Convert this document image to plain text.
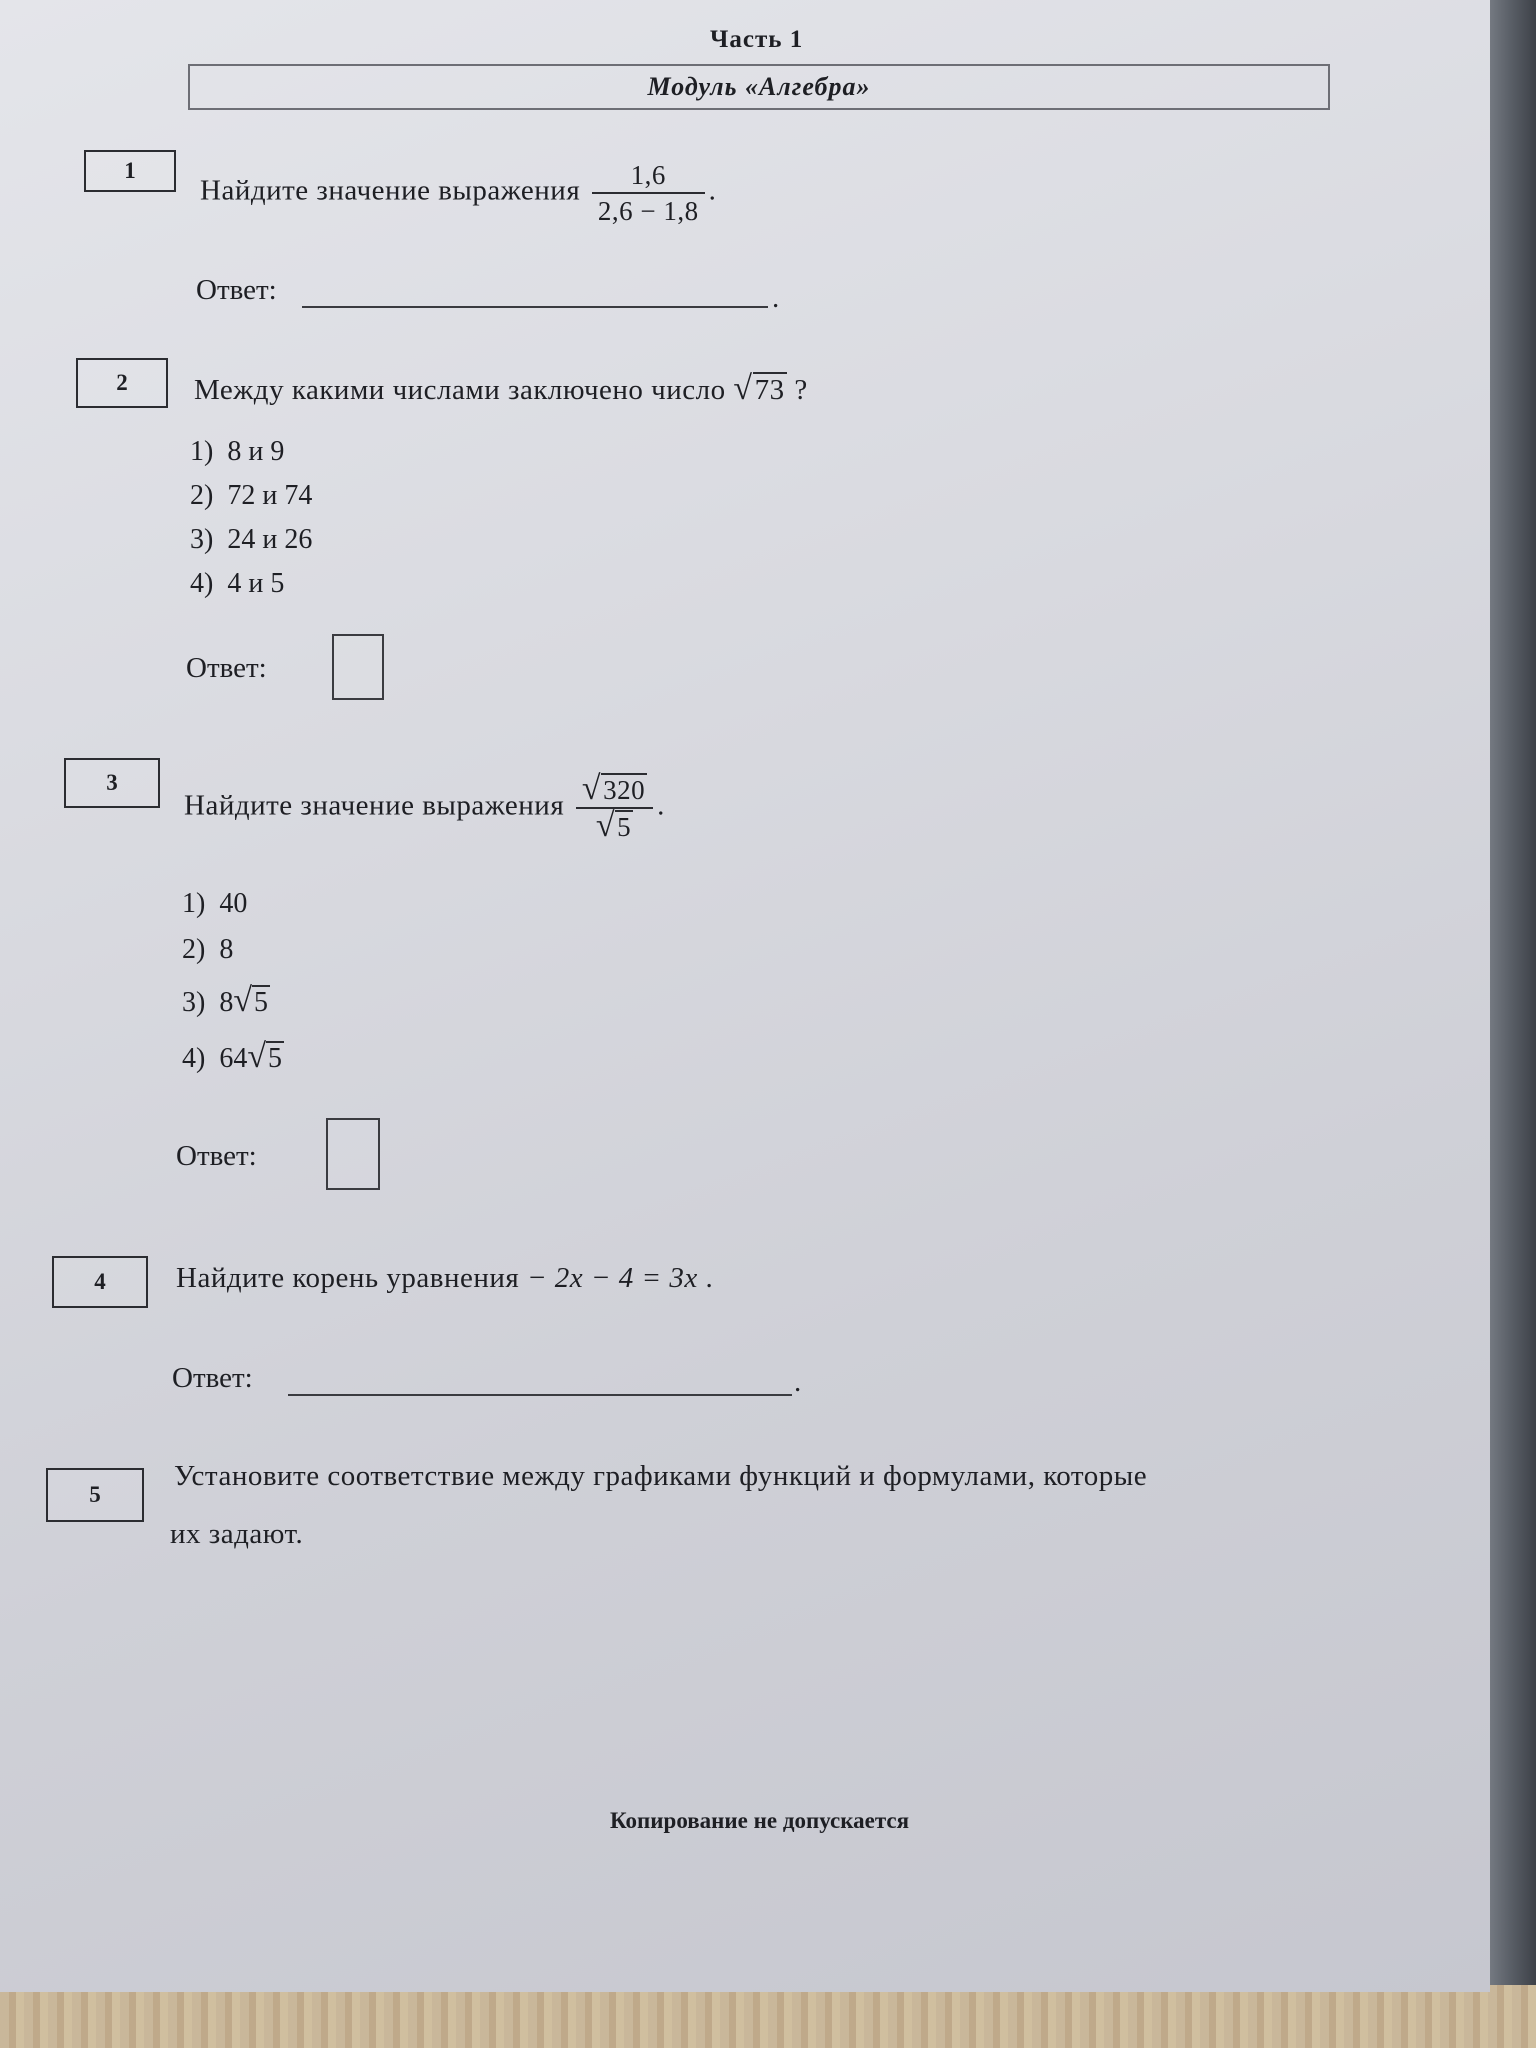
Часть 1
Модуль «Алгебра»
1
Найдите значение выражения $\frac{1,6}{2,6 - 1,8}$ .
Ответ:	.
2	Между какими числами заключено число √73 ?
1) 8 и 9
2) 72 и 74
3) 24 и 26
4) 4 и 5
Ответ:
3
Найдите значение выражения $\frac{√320}{√5}$ .
1) 40
2) 8
3) 8√5
4) 64√5
Ответ:
4	Найдите корень уравнения − 2x − 4 = 3x .
Ответ:	.
5
Установите соответствие между графиками функций и формулами, которые
их задают.
Копирование не допускается
